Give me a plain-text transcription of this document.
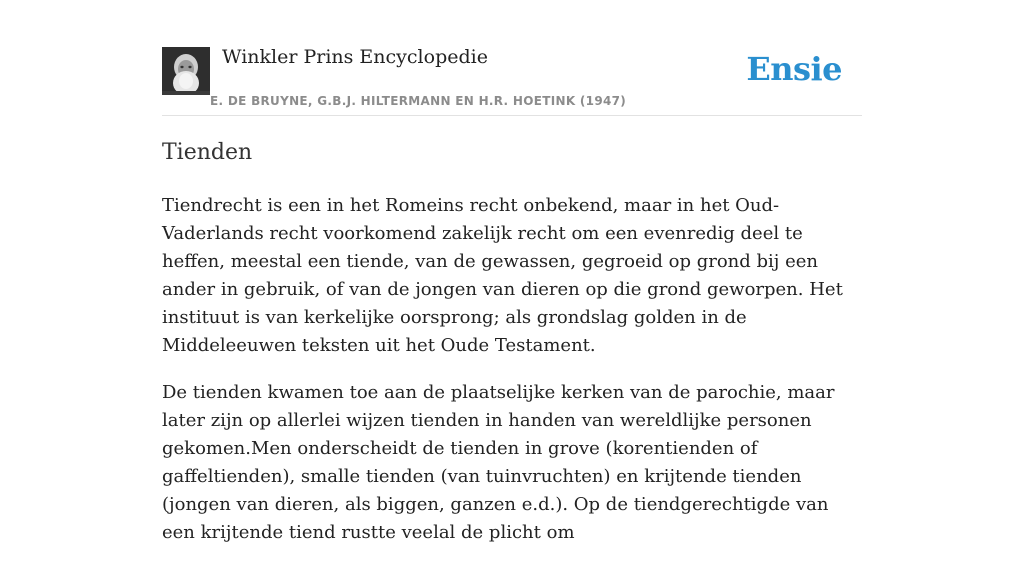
Winkler Prins Encyclopedie
E. DE BRUYNE, G.B.J. HILTERMANN EN H.R. HOETINK (1947)
Ensie
Tienden

Tiendrecht is een in het Romeins recht onbekend, maar in het Oud-Vaderlands recht voorkomend zakelijk recht om een evenredig deel te heffen, meestal een tiende, van de gewassen, gegroeid op grond bij een ander in gebruik, of van de jongen van dieren op die grond geworpen. Het instituut is van kerkelijke oorsprong; als grondslag golden in de Middeleeuwen teksten uit het Oude Testament.

De tienden kwamen toe aan de plaatselijke kerken van de parochie, maar later zijn op allerlei wijzen tienden in handen van wereldlijke personen gekomen.Men onderscheidt de tienden in grove (korentienden of gaffeltienden), smalle tienden (van tuinvruchten) en krijtende tienden (jongen van dieren, als biggen, ganzen e.d.). Op de tiendgerechtigde van een krijtende tiend rustte veelal de plicht om
